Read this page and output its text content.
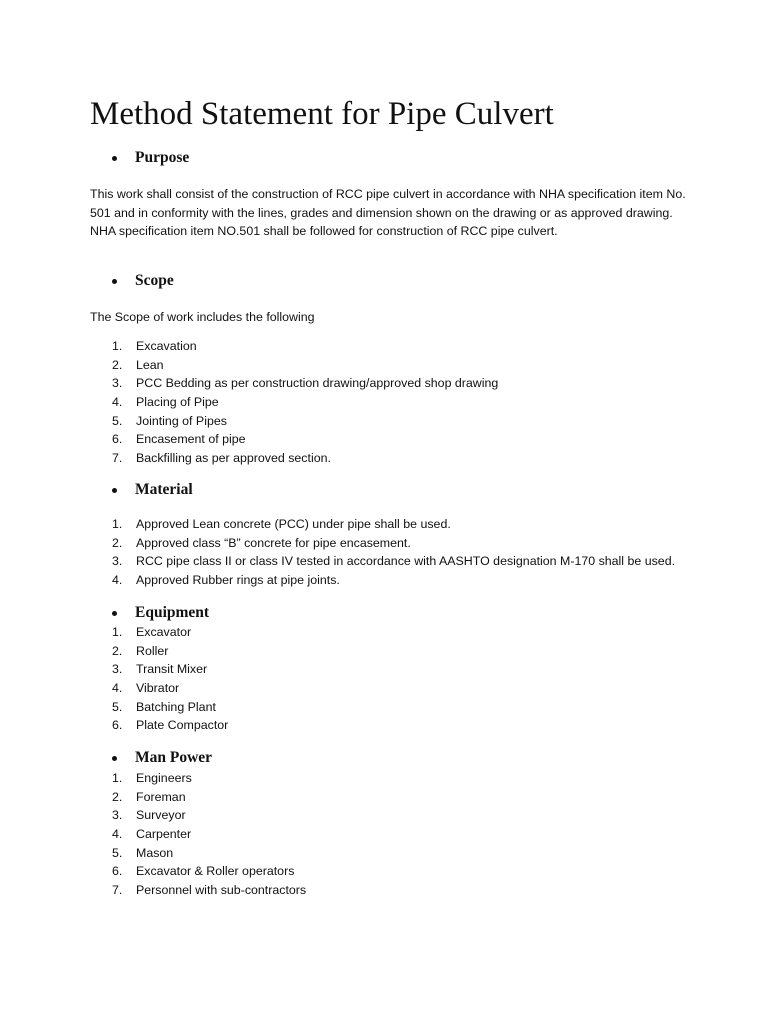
Method Statement for Pipe Culvert
Purpose

This work shall consist of the construction of RCC pipe culvert in accordance with NHA specification item No. 501 and in conformity with the lines, grades and dimension shown on the drawing or as approved drawing.

NHA specification item NO.501 shall be followed for construction of RCC pipe culvert.

Scope

The Scope of work includes the following

1.	Excavation
2.	Lean
3.	PCC Bedding as per construction drawing/approved shop drawing
4.	Placing of Pipe
5.	Jointing of Pipes
6.	Encasement of pipe
7.	Backfilling as per approved section.
Material
1.	Approved Lean concrete (PCC) under pipe shall be used.
2.	Approved class “B” concrete for pipe encasement.
3.	RCC pipe class II or class IV tested in accordance with AASHTO designation M-170 shall be used.
4.	Approved Rubber rings at pipe joints.
Equipment
1.	Excavator
2.	Roller
3.	Transit Mixer
4.	Vibrator
5.	Batching Plant
6.	Plate Compactor
Man Power
1.	Engineers
2.	Foreman
3.	Surveyor
4.	Carpenter
5.	Mason
6.	Excavator & Roller operators
7.	Personnel with sub-contractors
